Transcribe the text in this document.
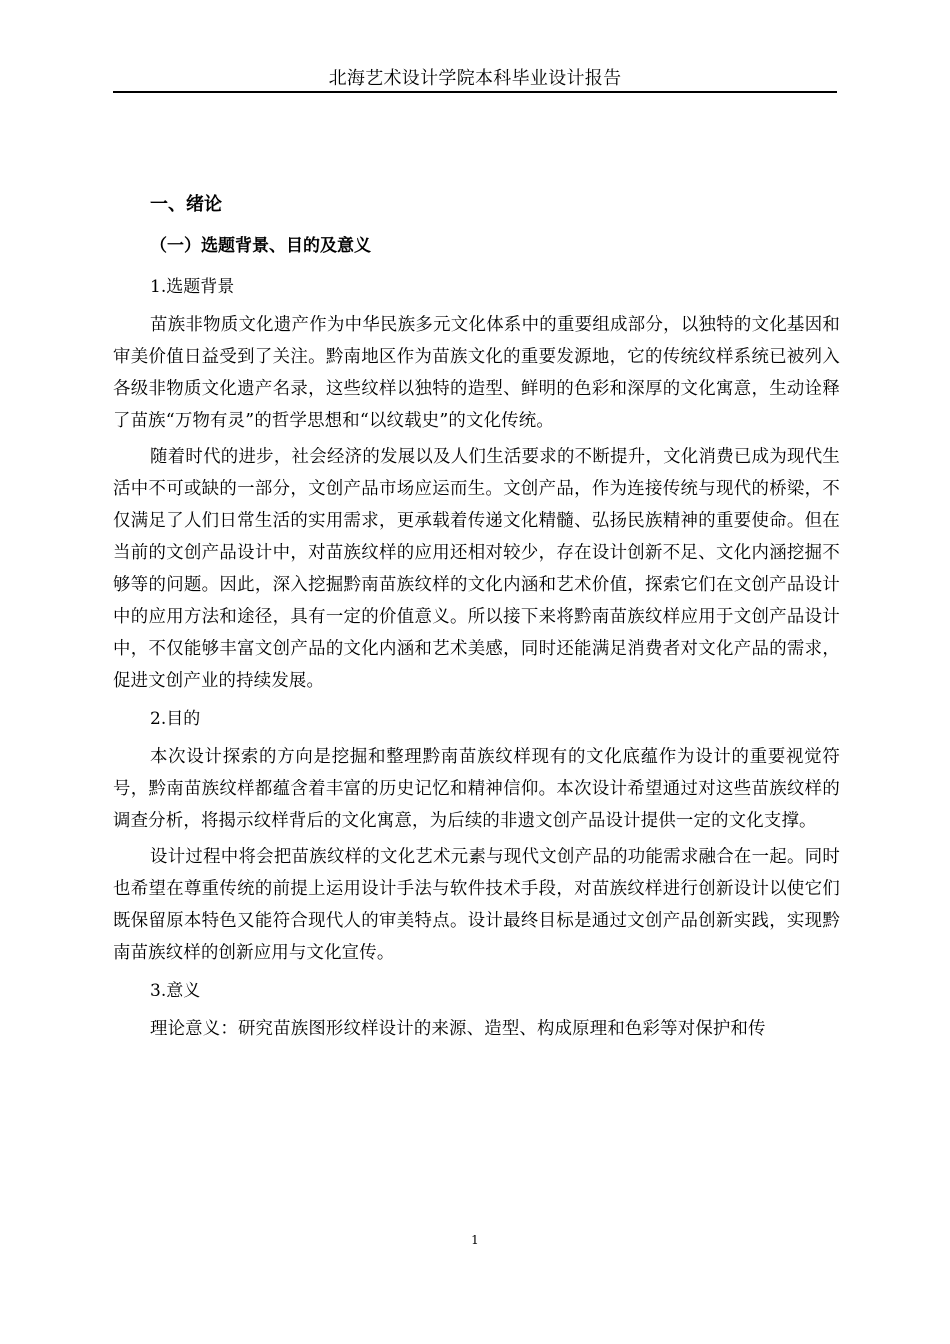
北海艺术设计学院本科毕业设计报告
一、绪论
（一）选题背景、目的及意义
1.选题背景

苗族非物质文化遗产作为中华民族多元文化体系中的重要组成部分，以独特的文化基因和审美价值日益受到了关注。黔南地区作为苗族文化的重要发源地，它的传统纹样系统已被列入各级非物质文化遗产名录，这些纹样以独特的造型、鲜明的色彩和深厚的文化寓意，生动诠释了苗族“万物有灵”的哲学思想和“以纹载史”的文化传统。

随着时代的进步，社会经济的发展以及人们生活要求的不断提升，文化消费已成为现代生活中不可或缺的一部分，文创产品市场应运而生。文创产品，作为连接传统与现代的桥梁，不仅满足了人们日常生活的实用需求，更承载着传递文化精髓、弘扬民族精神的重要使命。但在当前的文创产品设计中，对苗族纹样的应用还相对较少，存在设计创新不足、文化内涵挖掘不够等的问题。因此，深入挖掘黔南苗族纹样的文化内涵和艺术价值，探索它们在文创产品设计中的应用方法和途径，具有一定的价值意义。所以接下来将黔南苗族纹样应用于文创产品设计中，不仅能够丰富文创产品的文化内涵和艺术美感，同时还能满足消费者对文化产品的需求，促进文创产业的持续发展。

2.目的

本次设计探索的方向是挖掘和整理黔南苗族纹样现有的文化底蕴作为设计的重要视觉符号，黔南苗族纹样都蕴含着丰富的历史记忆和精神信仰。本次设计希望通过对这些苗族纹样的调查分析，将揭示纹样背后的文化寓意，为后续的非遗文创产品设计提供一定的文化支撑。

设计过程中将会把苗族纹样的文化艺术元素与现代文创产品的功能需求融合在一起。同时也希望在尊重传统的前提上运用设计手法与软件技术手段，对苗族纹样进行创新设计以使它们既保留原本特色又能符合现代人的审美特点。设计最终目标是通过文创产品创新实践，实现黔南苗族纹样的创新应用与文化宣传。

3.意义

理论意义：研究苗族图形纹样设计的来源、造型、构成原理和色彩等对保护和传

1
